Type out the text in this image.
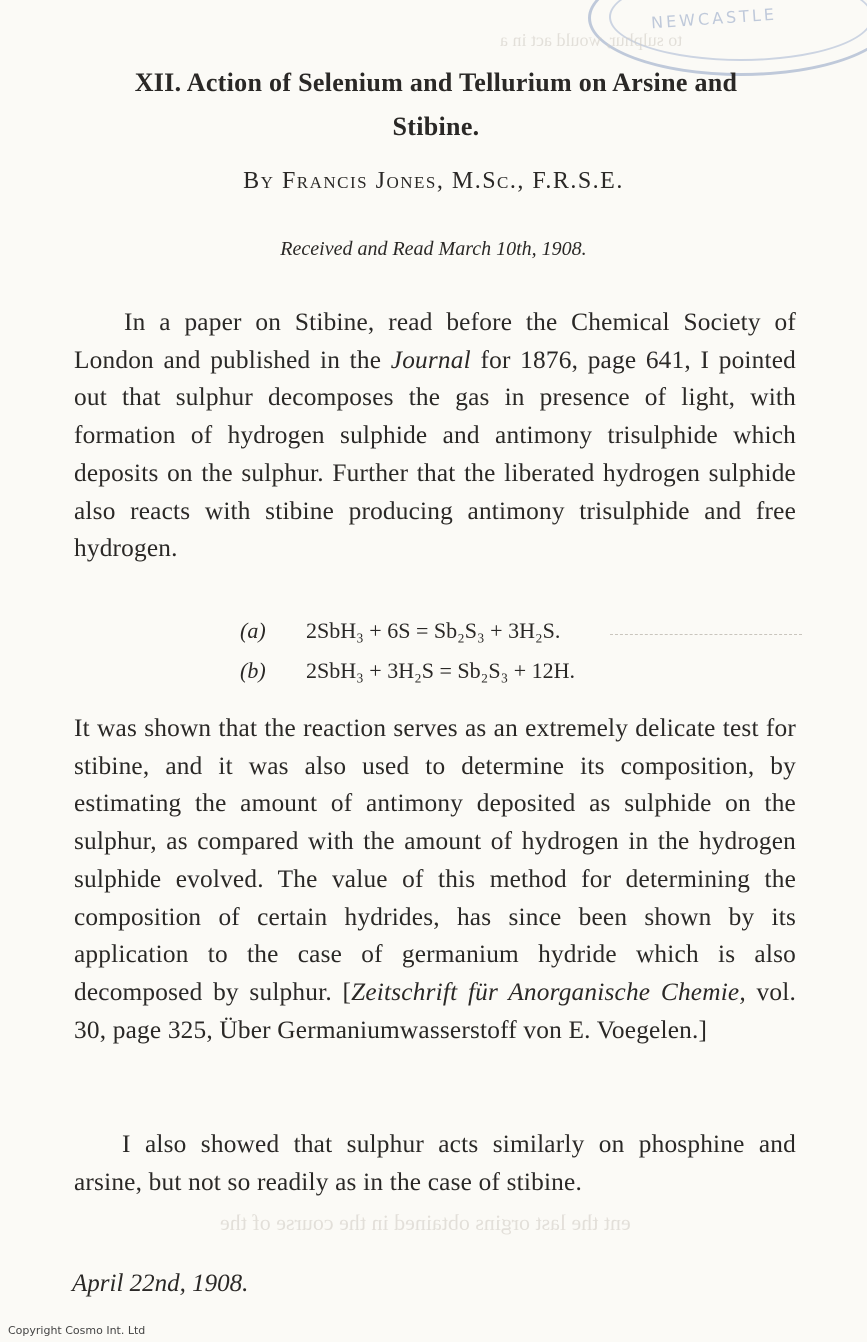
NEWCASTLE
to sulphur, would act in a
XII. Action of Selenium and Tellurium on Arsine and
Stibine.
By Francis Jones, M.Sc., F.R.S.E.
Received and Read March 10th, 1908.

In a paper on Stibine, read before the Chemical Society of London and published in the Journal for 1876, page 641, I pointed out that sulphur decomposes the gas in presence of light, with formation of hydrogen sulphide and antimony trisulphide which deposits on the sulphur. Further that the liberated hydrogen sulphide also reacts with stibine producing antimony trisulphide and free hydrogen.

(a) 2SbH₃ + 6S = Sb₂S₃ + 3H₂S.
(b) 2SbH₃ + 3H₂S = Sb₂S₃ + 12H.

It was shown that the reaction serves as an extremely delicate test for stibine, and it was also used to determine its composition, by estimating the amount of antimony deposited as sulphide on the sulphur, as compared with the amount of hydrogen in the hydrogen sulphide evolved. The value of this method for determining the composition of certain hydrides, has since been shown by its application to the case of germanium hydride which is also decomposed by sulphur. [Zeitschrift für Anorganische Chemie, vol. 30, page 325, Über Germaniumwasserstoff von E. Voegelen.]

I also showed that sulphur acts similarly on phosphine and arsine, but not so readily as in the case of stibine.

ent the last orgins obtained in the course of the
April 22nd, 1908.
Copyright Cosmo Int. Ltd
